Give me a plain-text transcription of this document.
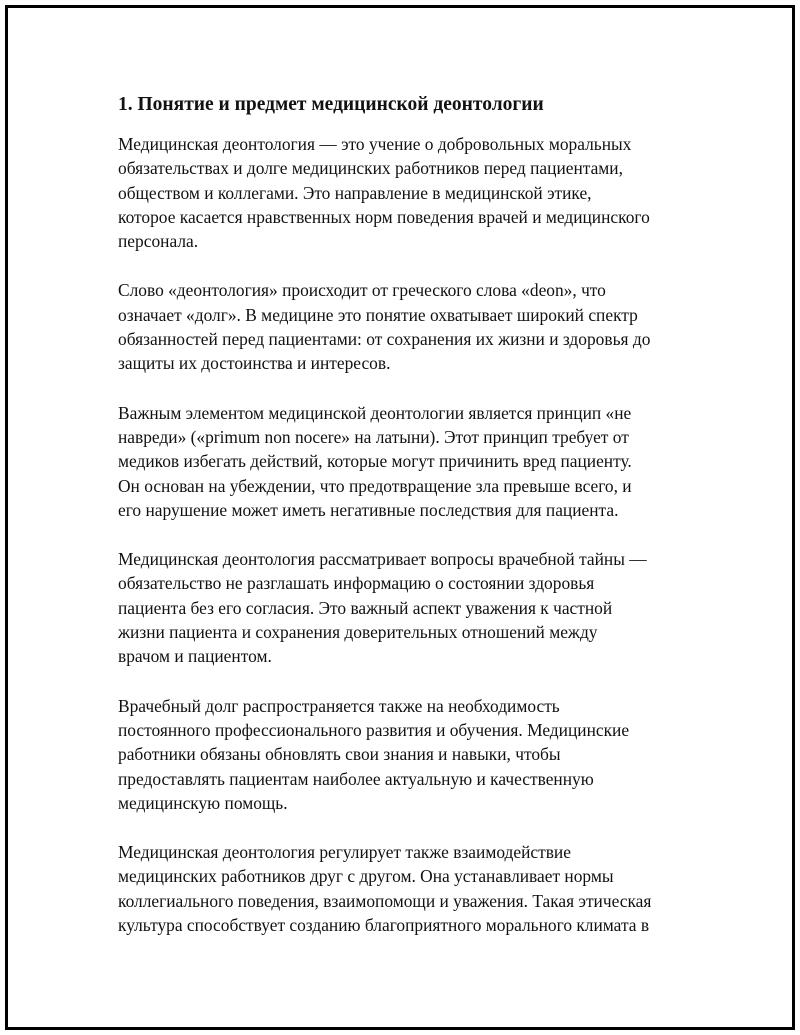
1. Понятие и предмет медицинской деонтологии
Медицинская деонтология — это учение о добровольных моральных
обязательствах и долге медицинских работников перед пациентами,
обществом и коллегами. Это направление в медицинской этике,
которое касается нравственных норм поведения врачей и медицинского
персонала.
Слово «деонтология» происходит от греческого слова «deon», что
означает «долг». В медицине это понятие охватывает широкий спектр
обязанностей перед пациентами: от сохранения их жизни и здоровья до
защиты их достоинства и интересов.
Важным элементом медицинской деонтологии является принцип «не
навреди» («primum non nocere» на латыни). Этот принцип требует от
медиков избегать действий, которые могут причинить вред пациенту.
Он основан на убеждении, что предотвращение зла превыше всего, и
его нарушение может иметь негативные последствия для пациента.
Медицинская деонтология рассматривает вопросы врачебной тайны —
обязательство не разглашать информацию о состоянии здоровья
пациента без его согласия. Это важный аспект уважения к частной
жизни пациента и сохранения доверительных отношений между
врачом и пациентом.
Врачебный долг распространяется также на необходимость
постоянного профессионального развития и обучения. Медицинские
работники обязаны обновлять свои знания и навыки, чтобы
предоставлять пациентам наиболее актуальную и качественную
медицинскую помощь.
Медицинская деонтология регулирует также взаимодействие
медицинских работников друг с другом. Она устанавливает нормы
коллегиального поведения, взаимопомощи и уважения. Такая этическая
культура способствует созданию благоприятного морального климата в
